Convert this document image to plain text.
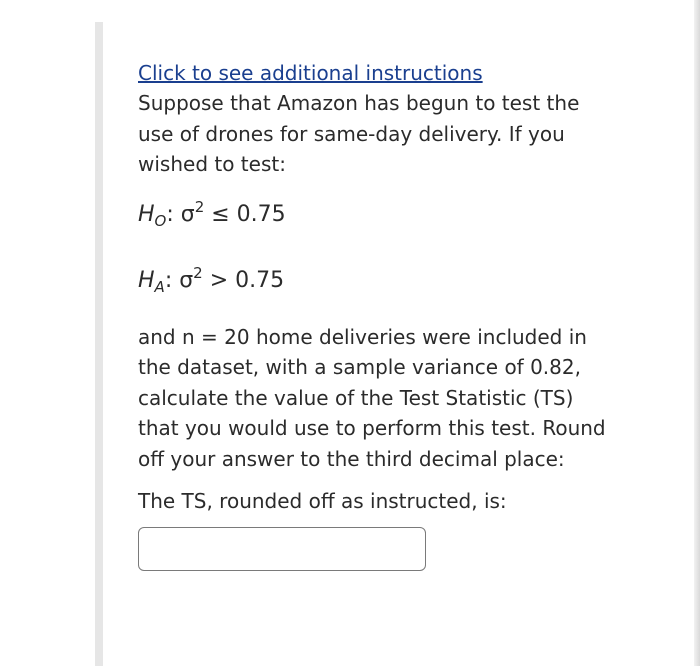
Click to see additional instructions

Suppose that Amazon has begun to test the use of drones for same-day delivery. If you wished to test:

$H_O$: $\sigma^2 \le 0.75$

$H_A$: $\sigma^2 > 0.75$

and n = 20 home deliveries were included in the dataset, with a sample variance of 0.82, calculate the value of the Test Statistic (TS) that you would use to perform this test. Round off your answer to the third decimal place:

The TS, rounded off as instructed, is:
